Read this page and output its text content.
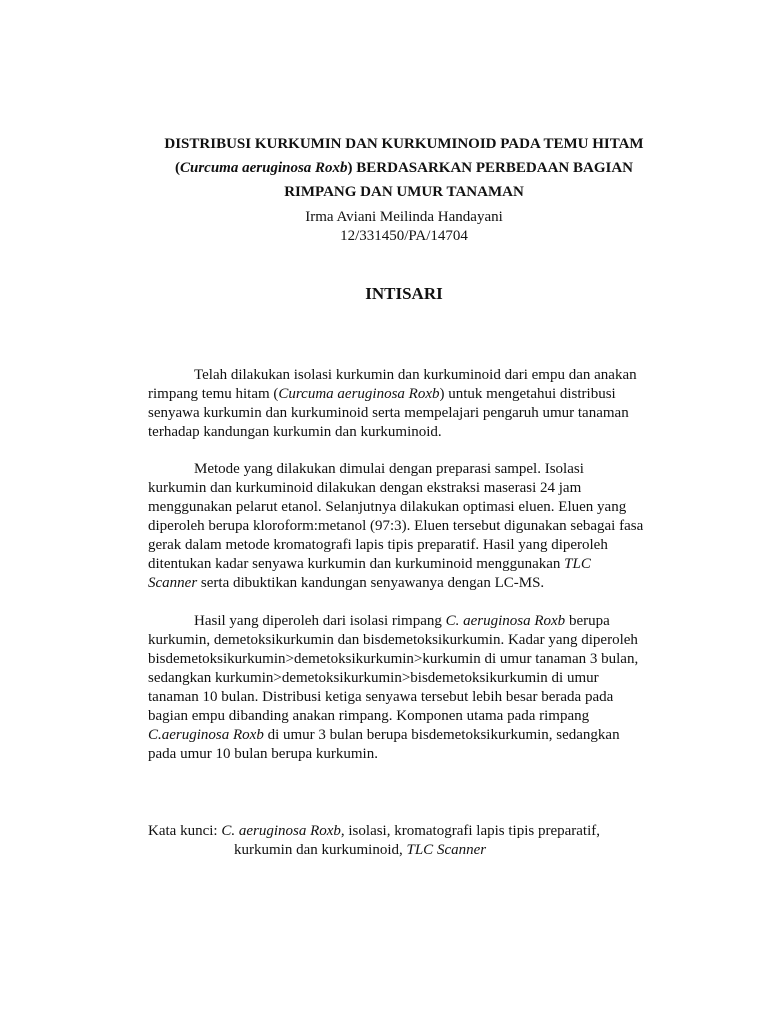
DISTRIBUSI KURKUMIN DAN KURKUMINOID PADA TEMU HITAM
(Curcuma aeruginosa Roxb) BERDASARKAN PERBEDAAN BAGIAN
RIMPANG DAN UMUR TANAMAN
Irma Aviani Meilinda Handayani
12/331450/PA/14704
INTISARI
Telah dilakukan isolasi kurkumin dan kurkuminoid dari empu dan anakan
rimpang temu hitam (Curcuma aeruginosa Roxb) untuk mengetahui distribusi
senyawa kurkumin dan kurkuminoid serta mempelajari pengaruh umur tanaman
terhadap kandungan kurkumin dan kurkuminoid.
Metode yang dilakukan dimulai dengan preparasi sampel. Isolasi
kurkumin dan kurkuminoid dilakukan dengan ekstraksi maserasi 24 jam
menggunakan pelarut etanol. Selanjutnya dilakukan optimasi eluen. Eluen yang
diperoleh berupa kloroform:metanol (97:3). Eluen tersebut digunakan sebagai fasa
gerak dalam metode kromatografi lapis tipis preparatif. Hasil yang diperoleh
ditentukan kadar senyawa kurkumin dan kurkuminoid menggunakan TLC
Scanner serta dibuktikan kandungan senyawanya dengan LC-MS.
Hasil yang diperoleh dari isolasi rimpang C. aeruginosa Roxb berupa
kurkumin, demetoksikurkumin dan bisdemetoksikurkumin. Kadar yang diperoleh
bisdemetoksikurkumin>demetoksikurkumin>kurkumin di umur tanaman 3 bulan,
sedangkan kurkumin>demetoksikurkumin>bisdemetoksikurkumin di umur
tanaman 10 bulan. Distribusi ketiga senyawa tersebut lebih besar berada pada
bagian empu dibanding anakan rimpang. Komponen utama pada rimpang
C.aeruginosa Roxb di umur 3 bulan berupa bisdemetoksikurkumin, sedangkan
pada umur 10 bulan berupa kurkumin.
Kata kunci: C. aeruginosa Roxb, isolasi, kromatografi lapis tipis preparatif,
kurkumin dan kurkuminoid, TLC Scanner
